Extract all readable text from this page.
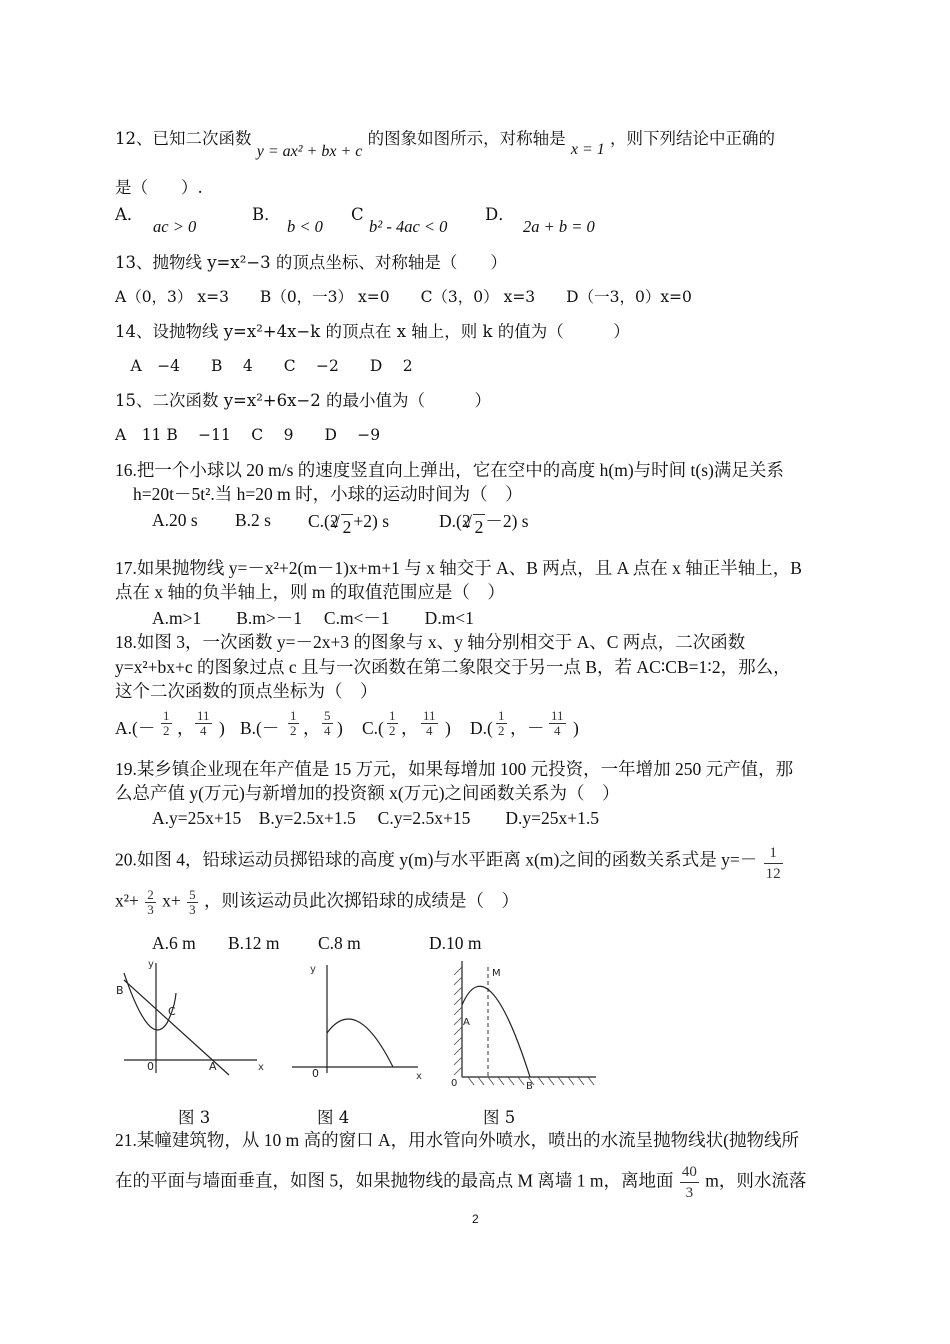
12、已知二次函数 y = ax² + bx + c 的图象如图所示，对称轴是 x = 1 ，则下列结论中正确的
是（　　）.
A．
ac > 0
B．
b < 0
C
b² - 4ac < 0
D．
2a + b = 0
13、抛物线 y=x²−3 的顶点坐标、对称轴是（　　）
A（0，3） x=3　　B（0，一3） x=0　　C（3，0） x=3　　D（一3，0）x=0
14、设抛物线 y=x²+4x−k 的顶点在 x 轴上，则 k 的值为（　　　）
　A　−4　　B　 4　　C　 −2　　D　 2
15、二次函数 y=x²+6x−2 的最小值为（　　　）
A　11 B　 −11　 C　 9　　D　 −9
16.把一个小球以 20 m/s 的速度竖直向上弹出，它在空中的高度 h(m)与时间 t(s)满足关系
h=20t－5t².当 h=20 m 时，小球的运动时间为（　）
A.20 s B.2 s C.(2 √ 2 +2) s	D.(2 √ 2 －2) s
17.如果抛物线 y=－x²+2(m－1)x+m+1 与 x 轴交于 A、B 两点，且 A 点在 x 轴正半轴上，B
点在 x 轴的负半轴上，则 m 的取值范围应是（　）
A.m>1　　B.m>－1　 C.m<－1　　D.m<1
18.如图 3，一次函数 y=－2x+3 的图象与 x、y 轴分别相交于 A、C 两点，二次函数
y=x²+bx+c 的图象过点 c 且与一次函数在第二象限交于另一点 B，若 AC∶CB=1∶2，那么，
这个二次函数的顶点坐标为（　）
$A.(- \frac{1}{2}$ ， $\frac{11}{4}$ ) $B.(- \frac{1}{2}$ ， $\frac{5}{4}$ ) $C.( \frac{1}{2}$ ， $\frac{11}{4}$ ) $D.( \frac{1}{2}$ ， － $\frac{11}{4}$ )
19.某乡镇企业现在年产值是 15 万元，如果每增加 100 元投资，一年增加 250 元产值，那
么总产值 y(万元)与新增加的投资额 x(万元)之间函数关系为（　）
A.y=25x+15　B.y=2.5x+1.5　 C.y=2.5x+15　　D.y=25x+1.5
20.如图 4，铅球运动员掷铅球的高度 y(m)与水平距离 x(m)之间的函数关系式是 $y=- \frac{1}{12}$
$x^2+ \frac{2}{3} x+ \frac{5}{3}$ ，则该运动员此次掷铅球的成绩是（　）
A.6 m B.12 m C.8 m	D.10 m
y
x
B
C
0	A
y
x
0
M
A
0	B
图 3	图 4	图 5
21.某幢建筑物，从 10 m 高的窗口 A，用水管向外喷水，喷出的水流呈抛物线状(抛物线所
在的平面与墙面垂直，如图 5，如果抛物线的最高点 M 离墙 1 m，离地面 $\frac{40}{3}$ m，则水流落
2
